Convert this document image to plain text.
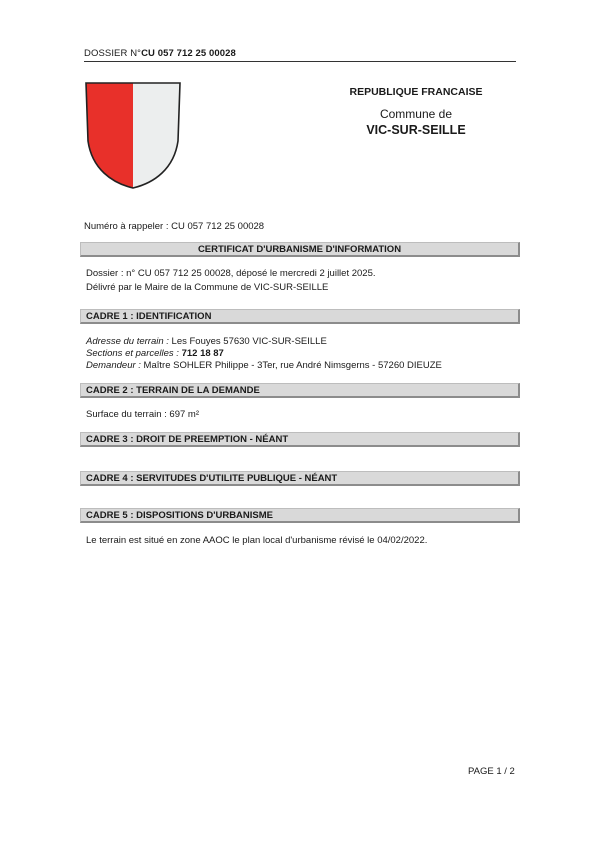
DOSSIER N°CU 057 712 25 00028
REPUBLIQUE FRANCAISE
Commune de
VIC-SUR-SEILLE
Numéro à rappeler : CU 057 712 25 00028
CERTIFICAT D'URBANISME D'INFORMATION
Dossier : n° CU 057 712 25 00028, déposé le mercredi 2 juillet 2025.
Délivré par le Maire de la Commune de VIC-SUR-SEILLE
CADRE 1 : IDENTIFICATION
Adresse du terrain : Les Fouyes 57630 VIC-SUR-SEILLE
Sections et parcelles : 712 18 87
Demandeur : Maître SOHLER Philippe - 3Ter, rue André Nimsgerns - 57260 DIEUZE
CADRE 2 : TERRAIN DE LA DEMANDE
Surface du terrain : 697 m²
CADRE 3 : DROIT DE PREEMPTION - NÉANT
CADRE 4 : SERVITUDES D'UTILITE PUBLIQUE - NÉANT
CADRE 5 : DISPOSITIONS D'URBANISME
Le terrain est situé en zone AAOC le plan local d'urbanisme révisé le 04/02/2022.
PAGE 1 / 2
